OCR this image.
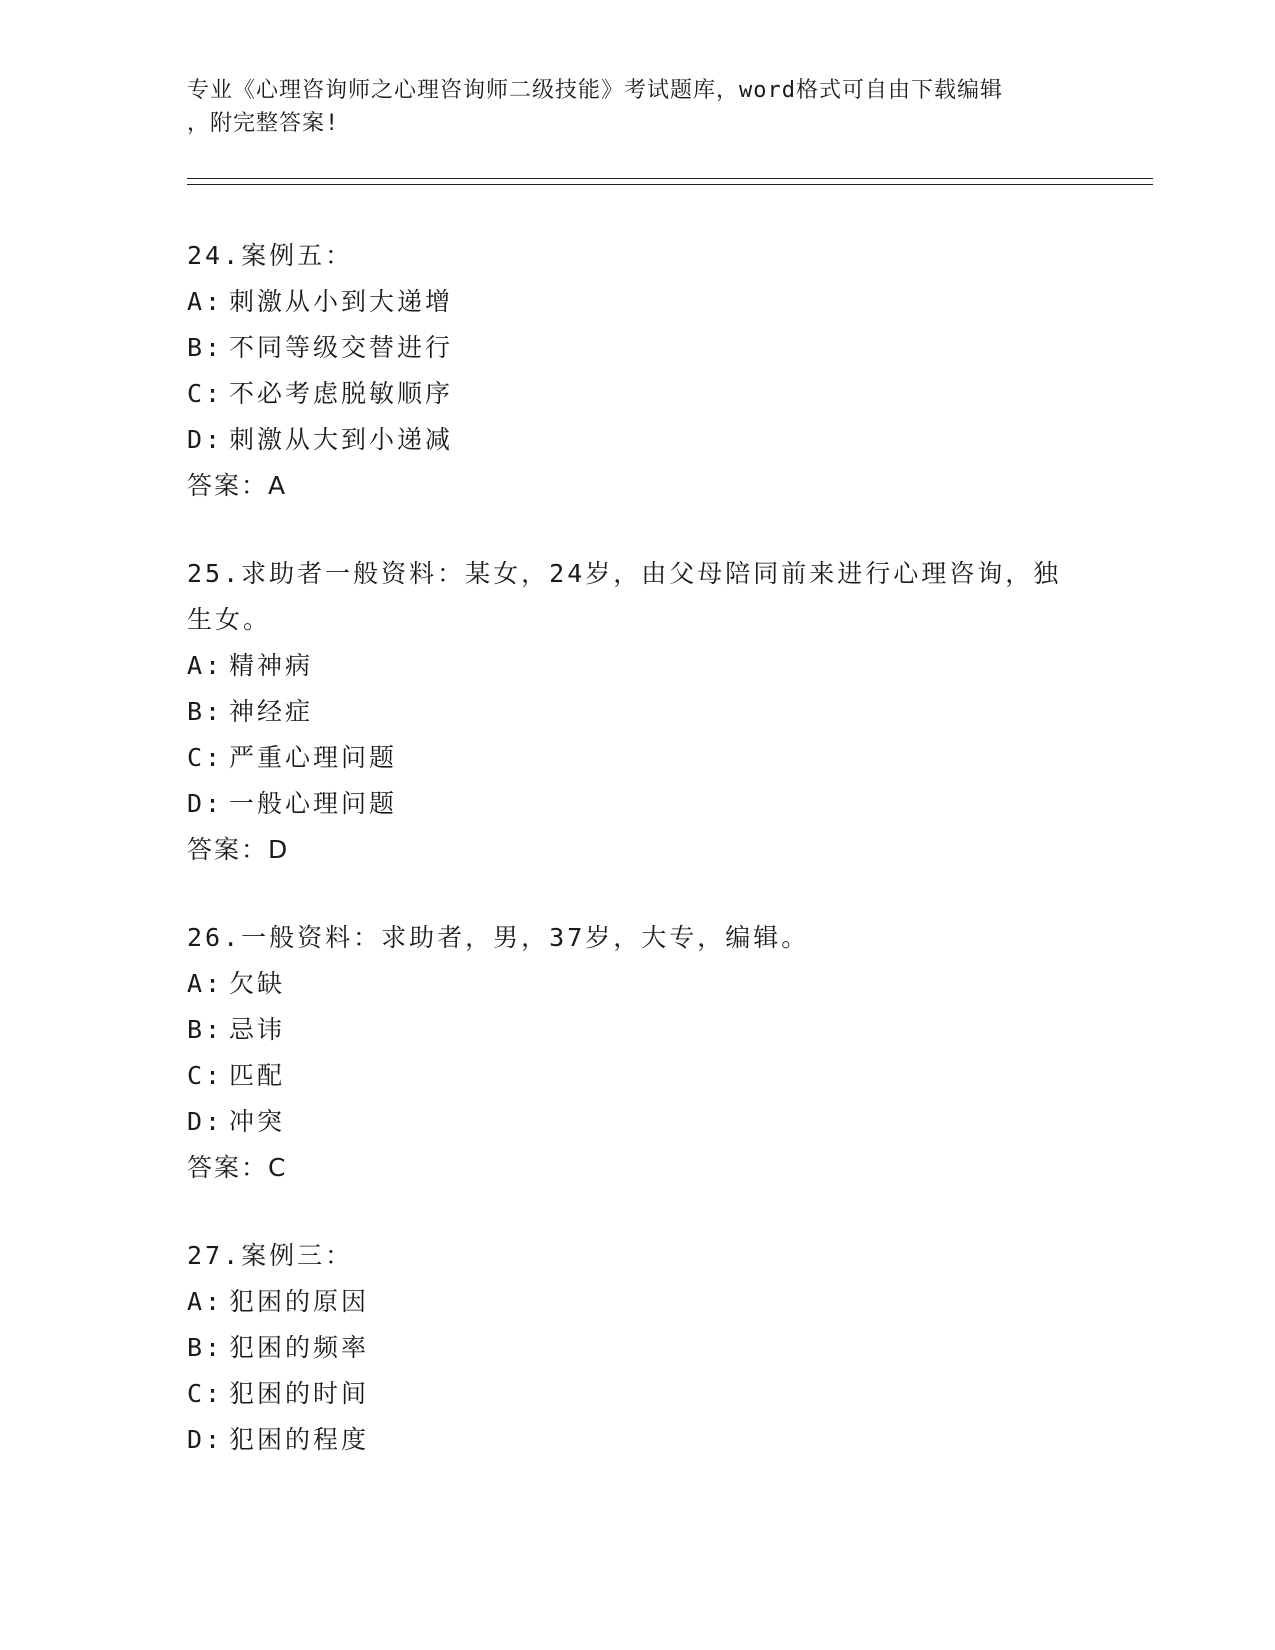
专业《心理咨询师之心理咨询师二级技能》考试题库，word格式可自由下载编辑
，附完整答案!
24.案例五：
A: 刺激从小到大递增
B: 不同等级交替进行
C: 不必考虑脱敏顺序
D: 刺激从大到小递减
答案：A
25.求助者一般资料：某女，24岁，由父母陪同前来进行心理咨询，独生女。
A: 精神病
B: 神经症
C: 严重心理问题
D: 一般心理问题
答案：D
26.一般资料：求助者，男，37岁，大专，编辑。
A: 欠缺
B: 忌讳
C: 匹配
D: 冲突
答案：C
27.案例三：
A: 犯困的原因
B: 犯困的频率
C: 犯困的时间
D: 犯困的程度
